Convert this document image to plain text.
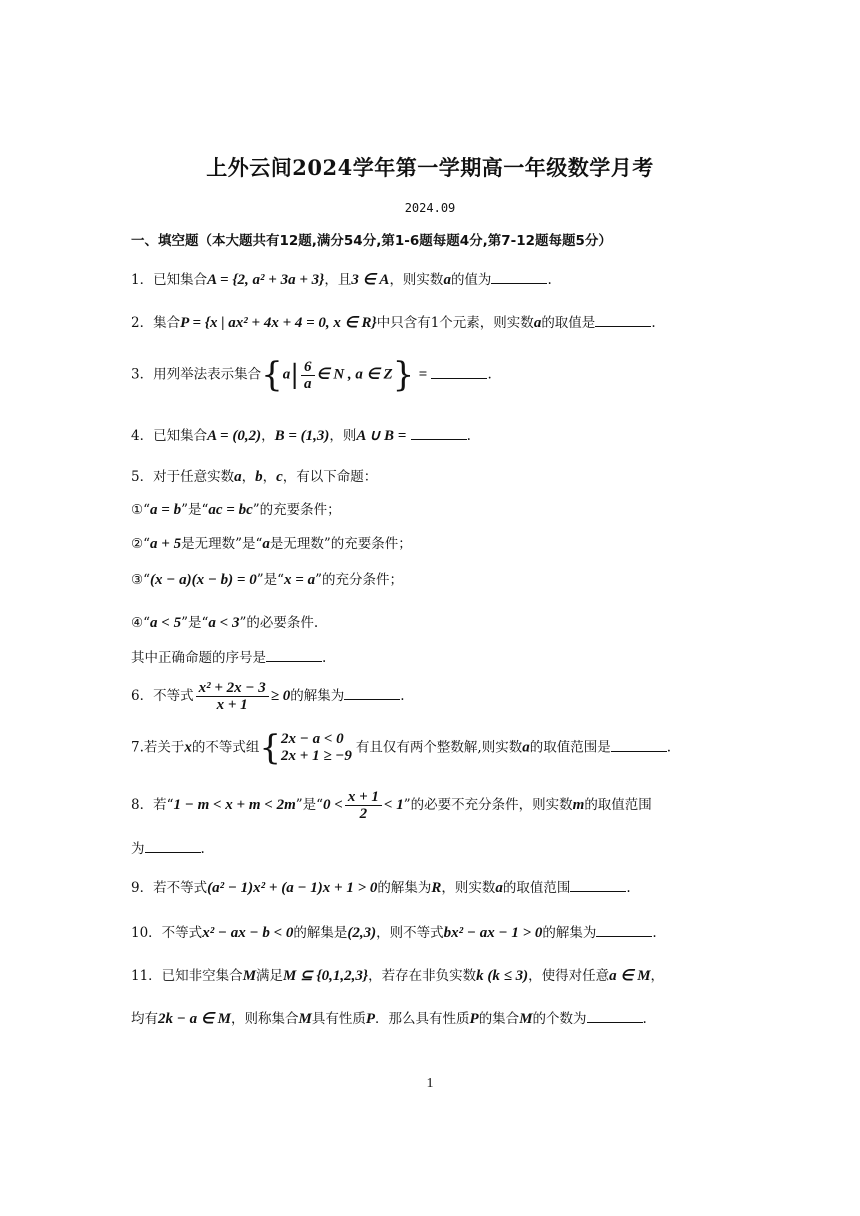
上外云间2024学年第一学期高一年级数学月考
2024.09
一、填空题（本大题共有12题,满分54分,第1-6题每题4分,第7-12题每题5分）
1．已知集合A = {2, a² + 3a + 3}，且3 ∈ A，则实数a的值为	.
2．集合P = {x | ax² + 4x + 4 = 0, x ∈ R}中只含有1个元素，则实数a的取值是	.
3．用列举法表示集合{$a| \frac{6}{a}$ ∈ N , a ∈ Z} =	.
4．已知集合A = (0,2)，B = (1,3)，则A ∪ B =	.
5．对于任意实数a，b，c，有以下命题：
①“a = b”是“ac = bc”的充要条件；
②“a + 5是无理数”是“a是无理数”的充要条件；
③“(x − a)(x − b) = 0”是“x = a”的充分条件；
④“a < 5”是“a < 3”的必要条件.
其中正确命题的序号是	.
6．不等式 $\frac{\text{x² + 2x − 3}}{x + 1} \ge 0$的解集为	.
7.若关于x的不等式组{ 2x − a < 0
2x + 1 ≥ −9
有且仅有两个整数解,则实数a的取值范围是	.
8．若“1 − m < x + m < 2m”是“$0 < \frac{x + 1}{2} < 1$”的必要不充分条件，则实数m的取值范围
为	.
9．若不等式(a² − 1)x² + (a − 1)x + 1 > 0的解集为R，则实数a的取值范围	.
10．不等式x² − ax − b < 0的解集是(2,3)，则不等式bx² − ax − 1 > 0的解集为	.
11．已知非空集合M满足M ⊆ {0,1,2,3}，若存在非负实数k (k ≤ 3)，使得对任意a ∈ M，
均有2k − a ∈ M，则称集合M具有性质P．那么具有性质P的集合M的个数为	.
1
